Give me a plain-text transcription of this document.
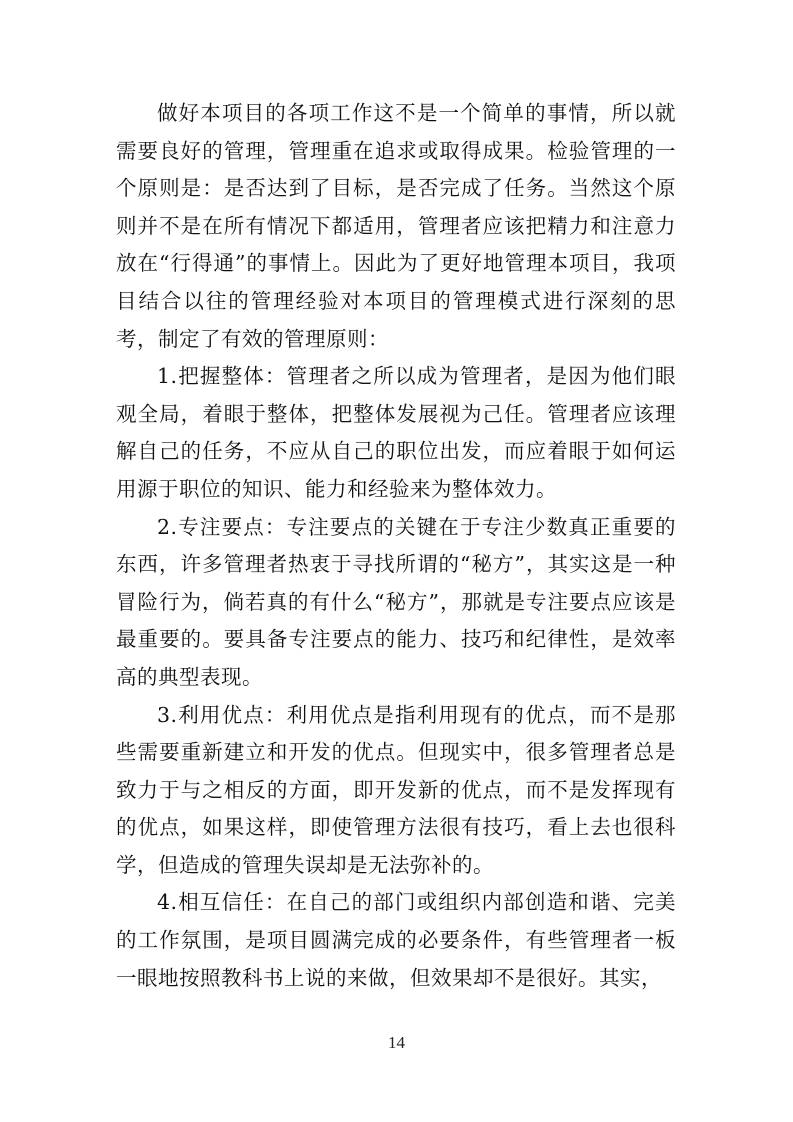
做好本项目的各项工作这不是一个简单的事情，所以就需要良好的管理，管理重在追求或取得成果。检验管理的一个原则是：是否达到了目标，是否完成了任务。当然这个原则并不是在所有情况下都适用，管理者应该把精力和注意力放在“行得通”的事情上。因此为了更好地管理本项目，我项目结合以往的管理经验对本项目的管理模式进行深刻的思考，制定了有效的管理原则：

1.把握整体：管理者之所以成为管理者，是因为他们眼观全局，着眼于整体，把整体发展视为己任。管理者应该理解自己的任务，不应从自己的职位出发，而应着眼于如何运用源于职位的知识、能力和经验来为整体效力。

2.专注要点：专注要点的关键在于专注少数真正重要的东西，许多管理者热衷于寻找所谓的“秘方”，其实这是一种冒险行为，倘若真的有什么“秘方”，那就是专注要点应该是最重要的。要具备专注要点的能力、技巧和纪律性，是效率高的典型表现。

3.利用优点：利用优点是指利用现有的优点，而不是那些需要重新建立和开发的优点。但现实中，很多管理者总是致力于与之相反的方面，即开发新的优点，而不是发挥现有的优点，如果这样，即使管理方法很有技巧，看上去也很科学，但造成的管理失误却是无法弥补的。

4.相互信任：在自己的部门或组织内部创造和谐、完美的工作氛围，是项目圆满完成的必要条件，有些管理者一板一眼地按照教科书上说的来做，但效果却不是很好。其实，

14
